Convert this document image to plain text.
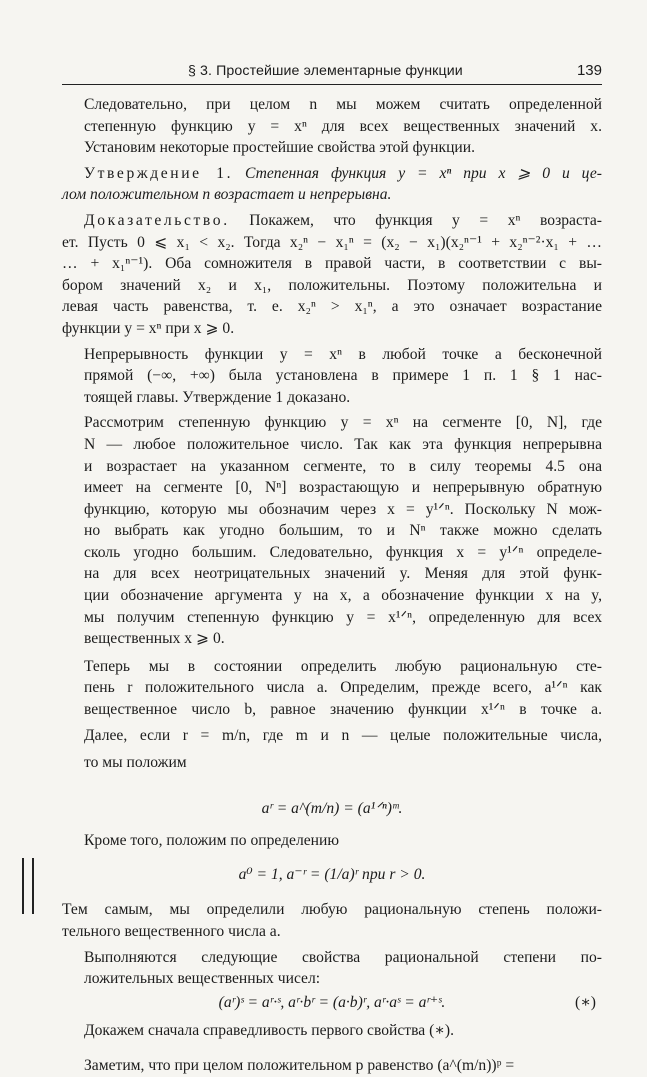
§ 3. Простейшие элементарные функции	139

Следовательно, при целом n мы можем считать определенной
степенную функцию y = xⁿ для всех вещественных значений x.
Установим некоторые простейшие свойства этой функции.

Утверждение 1. Степенная функция y = xⁿ при x ⩾ 0 и це-
лом положительном n возрастает и непрерывна.

Доказательство. Покажем, что функция y = xⁿ возраста-
ет. Пусть 0 ⩽ x₁ < x₂. Тогда x₂ⁿ − x₁ⁿ = (x₂ − x₁)(x₂ⁿ⁻¹ + x₂ⁿ⁻²·x₁ + …
… + x₁ⁿ⁻¹). Оба сомножителя в правой части, в соответствии с вы-
бором значений x₂ и x₁, положительны. Поэтому положительна и
левая часть равенства, т. е. x₂ⁿ > x₁ⁿ, а это означает возрастание
функции y = xⁿ при x ⩾ 0.

Непрерывность функции y = xⁿ в любой точке a бесконечной
прямой (−∞, +∞) была установлена в примере 1 п. 1 § 1 нас-
тоящей главы. Утверждение 1 доказано.

Рассмотрим степенную функцию y = xⁿ на сегменте [0, N], где
N — любое положительное число. Так как эта функция непрерывна
и возрастает на указанном сегменте, то в силу теоремы 4.5 она
имеет на сегменте [0, Nⁿ] возрастающую и непрерывную обратную
функцию, которую мы обозначим через x = y¹ᐟⁿ. Поскольку N мож-
но выбрать как угодно большим, то и Nⁿ также можно сделать
сколь угодно большим. Следовательно, функция x = y¹ᐟⁿ определе-
на для всех неотрицательных значений y. Меняя для этой функ-
ции обозначение аргумента y на x, а обозначение функции x на y,
мы получим степенную функцию y = x¹ᐟⁿ, определенную для всех
вещественных x ⩾ 0.

Теперь мы в состоянии определить любую рациональную сте-
пень r положительного числа a. Определим, прежде всего, a¹ᐟⁿ как
вещественное число b, равное значению функции x¹ᐟⁿ в точке a.
Далее, если r = m/n, где m и n — целые положительные числа,
то мы положим

aʳ = a^(m/n) = (a¹ᐟⁿ)ᵐ.

Кроме того, положим по определению

a⁰ = 1, a⁻ʳ = (1/a)ʳ при r > 0.

Тем самым, мы определили любую рациональную степень положи-
тельного вещественного числа a.

Выполняются следующие свойства рациональной степени по-
ложительных вещественных чисел:

(aʳ)ˢ = aʳ·ˢ, aʳ·bʳ = (a·b)ʳ, aʳ·aˢ = aʳ⁺ˢ.	(∗)

Докажем сначала справедливость первого свойства (∗).

Заметим, что при целом положительном p равенство (a^(m/n))ᵖ =
